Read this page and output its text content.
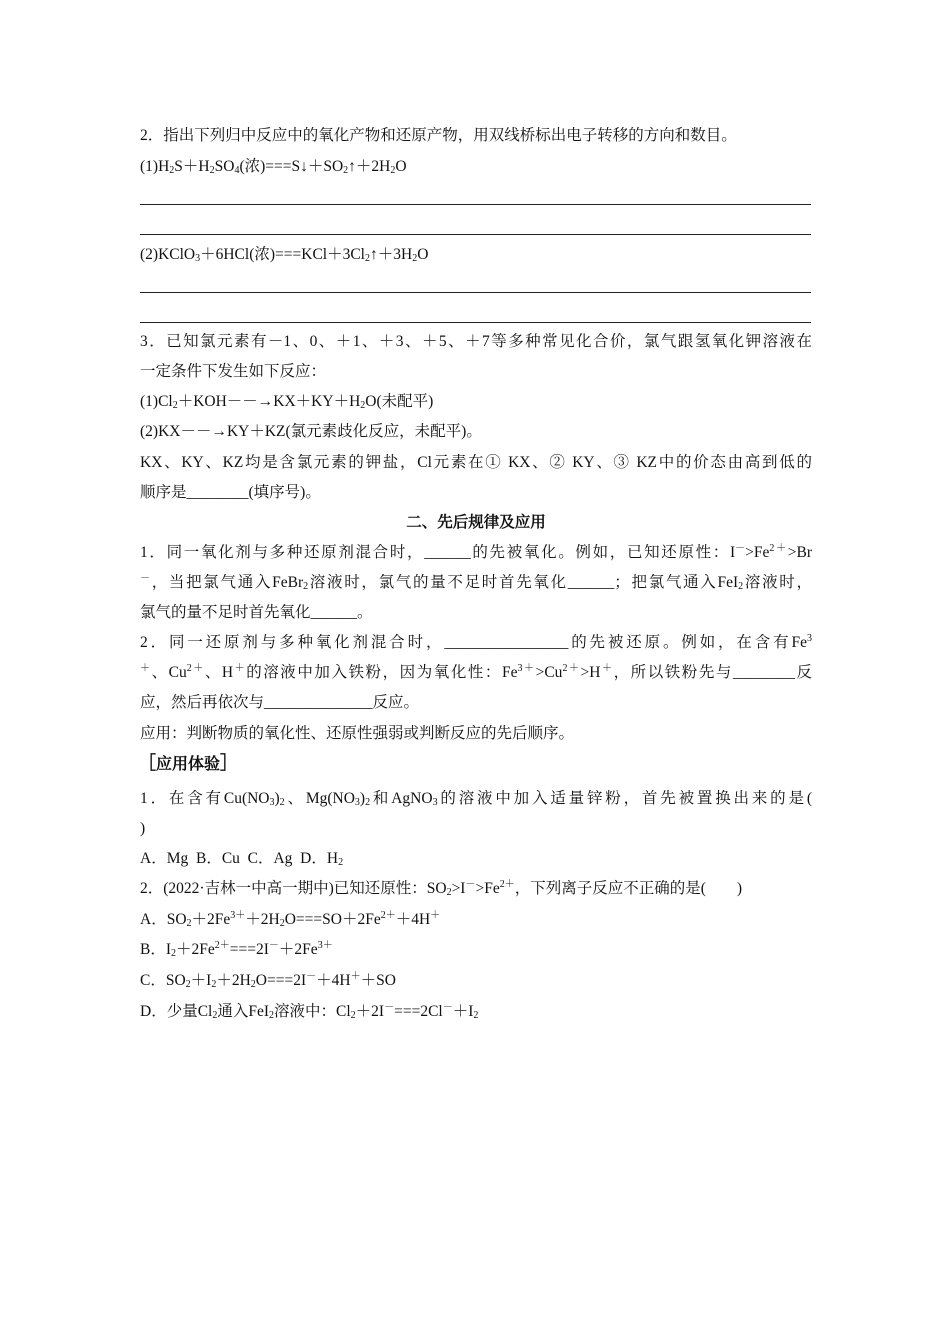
2．指出下列归中反应中的氧化产物和还原产物，用双线桥标出电子转移的方向和数目。
$(1)H_2S+H_2SO_4$(浓)$===S↓+SO_2↑+2H_2O$
(2)KClO$_3$＋6HCl(浓)$===KCl+3Cl_2↑+3H_2O$
3．已知氯元素有－1、0、＋1、＋3、＋5、＋7等多种常见化合价，氯气跟氢氧化钾溶液在
一定条件下发生如下反应：
$(1)Cl_2+KOH--\to KX+KY+H_2O$(未配平)
(2)KX－－→KY＋KZ(氯元素歧化反应，未配平)。
KX、KY、KZ均是含氯元素的钾盐，Cl元素在① KX、② KY、③ KZ中的价态由高到低的
顺序是________(填序号)。
二、先后规律及应用
1．同一氧化剂与多种还原剂混合时，______的先被氧化。例如，已知还原性：$I^->Fe^{2+}>Br$
－，当把氯气通入FeBr$_2$溶液时，氯气的量不足时首先氧化______；把氯气通入FeI$_2$溶液时，
氯气的量不足时首先氧化______。
2．同一还原剂与多种氧化剂混合时，________________的先被还原。例如，在含有Fe$^3$
＋、$Cu^{2+}$、H＋的溶液中加入铁粉，因为氧化性：$Fe^{3+}>Cu^{2+}>H^+$，所以铁粉先与________反
应，然后再依次与______________反应。
应用：判断物质的氧化性、还原性强弱或判断反应的先后顺序。
［应用体验］
1．在含有$Cu(NO_3)_2$、$Mg(NO_3)_2$和AgNO$_3$的溶液中加入适量锌粉，首先被置换出来的是(
)
A．Mg  B．Cu  C．Ag  D．$H_2$
2．(2022·吉林一中高一期中)已知还原性：$SO_2>I^->Fe^{2+}$，下列离子反应不正确的是(　　)
A．$SO_2+2Fe^{3+}+2H_2O===SO+2Fe^{2+}+4H^+$
B．$I_2+2Fe^{2+}===2I^-+2Fe^{3+}$
C．$SO_2+I_2+2H_2O===2I^-+4H^++SO$
D．少量$Cl_2$通入FeI$_2$溶液中：$Cl_2+2I^-===2Cl^-+I_2$
